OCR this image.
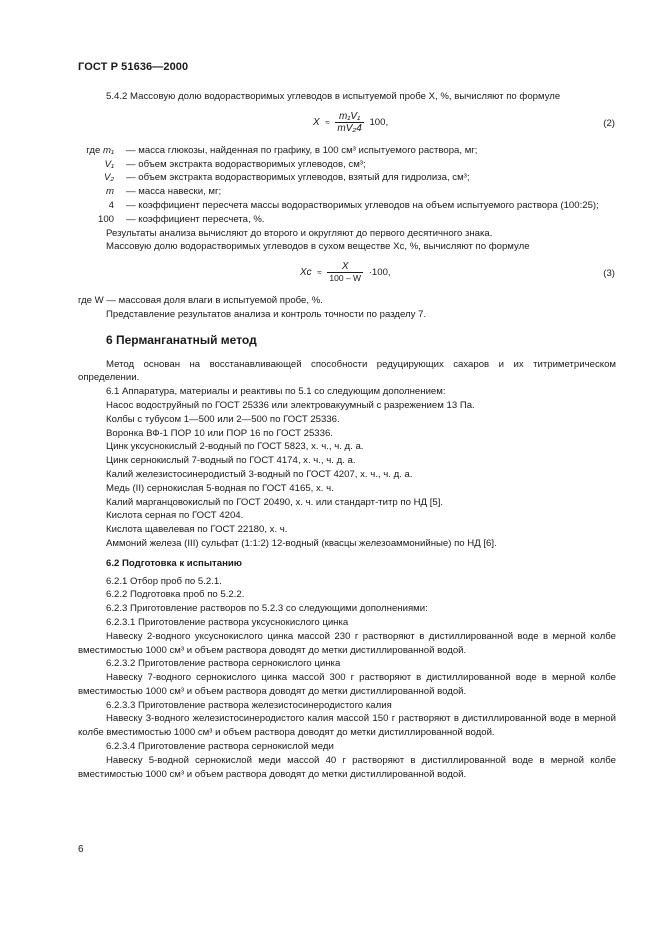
ГОСТ Р 51636—2000

5.4.2 Массовую долю водорастворимых углеводов в испытуемой пробе X, %, вычисляют по формуле

$X \approx \frac{\text{m₁V₁}}{\text{mV₂4}} 100$,	(2)
где m₁ — масса глюкозы, найденная по графику, в 100 см³ испытуемого раствора, мг;
V₁ — объем экстракта водорастворимых углеводов, см³;
V₂ — объем экстракта водорастворимых углеводов, взятый для гидролиза, см³;
m — масса навески, мг;
4 — коэффициент пересчета массы водорастворимых углеводов на объем испытуемого раствора (100:25);
100 — коэффициент пересчета, %.

Результаты анализа вычисляют до второго и округляют до первого десятичного знака.

Массовую долю водорастворимых углеводов в сухом веществе Xc, %, вычисляют по формуле

$Xc \approx \frac{X}{100 - W} \cdot 100$,	(3)

где W — массовая доля влаги в испытуемой пробе, %.

Представление результатов анализа и контроль точности по разделу 7.

6 Перманганатный метод

Метод основан на восстанавливающей способности редуцирующих сахаров и их титриметрическом определении.

6.1 Аппаратура, материалы и реактивы по 5.1 со следующим дополнением:

Насос водоструйный по ГОСТ 25336 или электровакуумный с разрежением 13 Па.

Колбы с тубусом 1—500 или 2—500 по ГОСТ 25336.

Воронка ВФ-1 ПОР 10 или ПОР 16 по ГОСТ 25336.

Цинк уксуснокислый 2-водный по ГОСТ 5823, х. ч., ч. д. а.

Цинк сернокислый 7-водный по ГОСТ 4174, х. ч., ч. д. а.

Калий железистосинеродистый 3-водный по ГОСТ 4207, х. ч., ч. д. а.

Медь (II) сернокислая 5-водная по ГОСТ 4165, х. ч.

Калий марганцовокислый по ГОСТ 20490, х. ч. или стандарт-титр по НД [5].

Кислота серная по ГОСТ 4204.

Кислота щавелевая по ГОСТ 22180, х. ч.

Аммоний железа (III) сульфат (1:1:2) 12-водный (квасцы железоаммонийные) по НД [6].

6.2 Подготовка к испытанию

6.2.1 Отбор проб по 5.2.1.

6.2.2 Подготовка проб по 5.2.2.

6.2.3 Приготовление растворов по 5.2.3 со следующими дополнениями:

6.2.3.1 Приготовление раствора уксуснокислого цинка

Навеску 2-водного уксуснокислого цинка массой 230 г растворяют в дистиллированной воде в мерной колбе вместимостью 1000 см³ и объем раствора доводят до метки дистиллированной водой.

6.2.3.2 Приготовление раствора сернокислого цинка

Навеску 7-водного сернокислого цинка массой 300 г растворяют в дистиллированной воде в мерной колбе вместимостью 1000 см³ и объем раствора доводят до метки дистиллированной водой.

6.2.3.3 Приготовление раствора железистосинеродистого калия

Навеску 3-водного железистосинеродистого калия массой 150 г растворяют в дистиллированной воде в мерной колбе вместимостью 1000 см³ и объем раствора доводят до метки дистиллированной водой.

6.2.3.4 Приготовление раствора сернокислой меди

Навеску 5-водной сернокислой меди массой 40 г растворяют в дистиллированной воде в мерной колбе вместимостью 1000 см³ и объем раствора доводят до метки дистиллированной водой.

6
